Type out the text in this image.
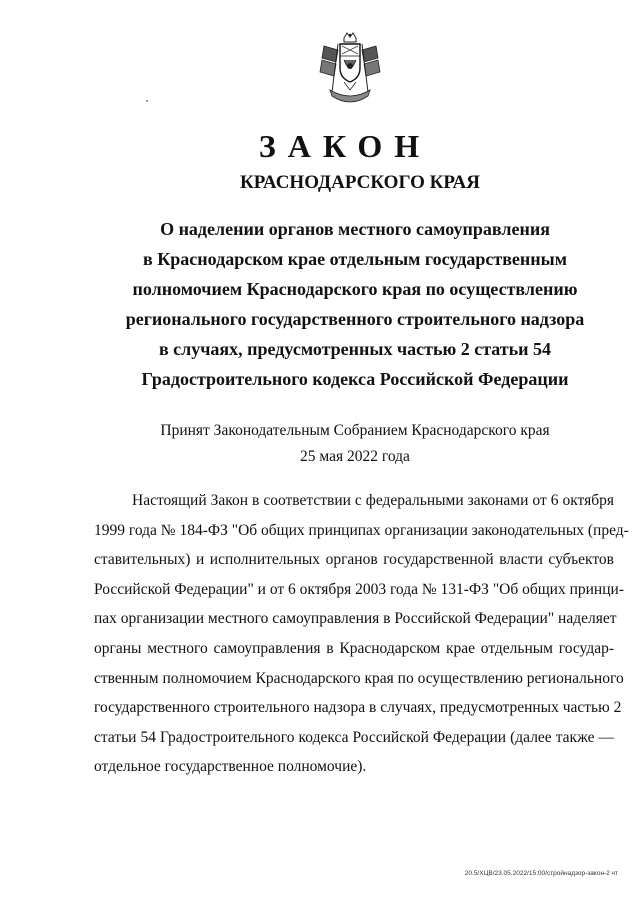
ЗАКОН
КРАСНОДАРСКОГО КРАЯ
О наделении органов местного самоуправления
в Краснодарском крае отдельным государственным
полномочием Краснодарского края по осуществлению
регионального государственного строительного надзора
в случаях, предусмотренных частью 2 статьи 54
Градостроительного кодекса Российской Федерации
Принят Законодательным Собранием Краснодарского края
25 мая 2022 года
Настоящий Закон в соответствии с федеральными законами от 6 октября
1999 года № 184-ФЗ "Об общих принципах организации законодательных (пред-
ставительных) и исполнительных органов государственной власти субъектов
Российской Федерации" и от 6 октября 2003 года № 131-ФЗ "Об общих принци-
пах организации местного самоуправления в Российской Федерации" наделяет
органы местного самоуправления в Краснодарском крае отдельным государ-
ственным полномочием Краснодарского края по осуществлению регионального
государственного строительного надзора в случаях, предусмотренных частью 2
статьи 54 Градостроительного кодекса Российской Федерации (далее также —
отдельное государственное полномочие).
20.5/ХЦВ/23.05.2022/15:00/стройнадзор-закон-2 чт
